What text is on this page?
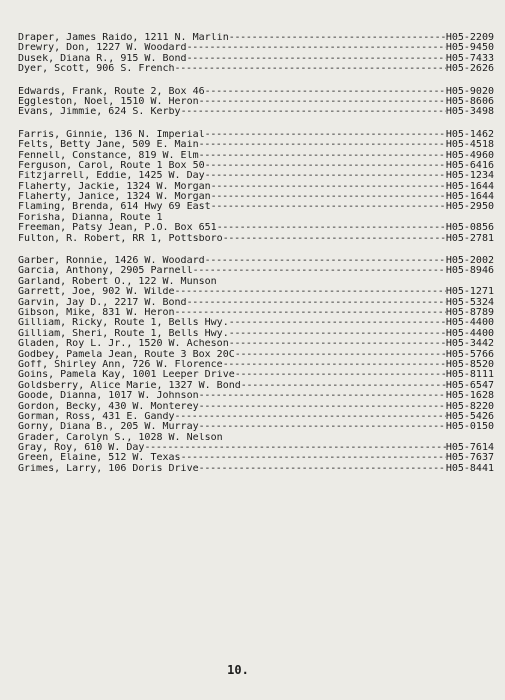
Draper, James Raido, 1211 N. Marlin -----	H05-2209
Drewry, Don, 1227 W. Woodard -----	H05-9450
Dusek, Diana R., 915 W. Bond -----	H05-7433
Dyer, Scott, 906 S. French -----	H05-2626
Edwards, Frank, Route 2, Box 46 -----	H05-9020
Eggleston, Noel, 1510 W. Heron -----	H05-8606
Evans, Jimmie, 624 S. Kerby -----	H05-3498
Farris, Ginnie, 136 N. Imperial -----	H05-1462
Felts, Betty Jane, 509 E. Main -----	H05-4518
Fennell, Constance, 819 W. Elm -----	H05-4960
Ferguson, Carol, Route 1 Box 50 -----	H05-6416
Fitzjarrell, Eddie, 1425 W. Day -----	H05-1234
Flaherty, Jackie, 1324 W. Morgan -----	H05-1644
Flaherty, Janice, 1324 W. Morgan -----	H05-1644
Flaming, Brenda, 614 Hwy 69 East -----	H05-2950
Forisha, Dianna, Route 1
Freeman, Patsy Jean, P.O. Box 651 -----	H05-0856
Fulton, R. Robert, RR 1, Pottsboro -----	H05-2781
Garber, Ronnie, 1426 W. Woodard -----	H05-2002
Garcia, Anthony, 2905 Parnell -----	H05-8946
Garland, Robert O., 122 W. Munson
Garrett, Joe, 902 W. Wilde -----	H05-1271
Garvin, Jay D., 2217 W. Bond -----	H05-5324
Gibson, Mike, 831 W. Heron -----	H05-8789
Gilliam, Ricky, Route 1, Bells Hwy. -----	H05-4400
Gilliam, Sheri, Route 1, Bells Hwy. -----	H05-4400
Gladen, Roy L. Jr., 1520 W. Acheson -----	H05-3442
Godbey, Pamela Jean, Route 3 Box 20C -----	H05-5766
Goff, Shirley Ann, 726 W. Florence -----	H05-8520
Goins, Pamela Kay, 1001 Leeper Drive -----	H05-8111
Goldsberry, Alice Marie, 1327 W. Bond -----	H05-6547
Goode, Dianna, 1017 W. Johnson -----	H05-1628
Gordon, Becky, 430 W. Monterey -----	H05-8220
Gorman, Ross, 431 E. Gandy -----	H05-5426
Gorny, Diana B., 205 W. Murray -----	H05-0150
Grader, Carolyn S., 1028 W. Nelson
Gray, Roy, 610 W. Day -----	H05-7614
Green, Elaine, 512 W. Texas -----	H05-7637
Grimes, Larry, 106 Doris Drive -----	H05-8441
10.
